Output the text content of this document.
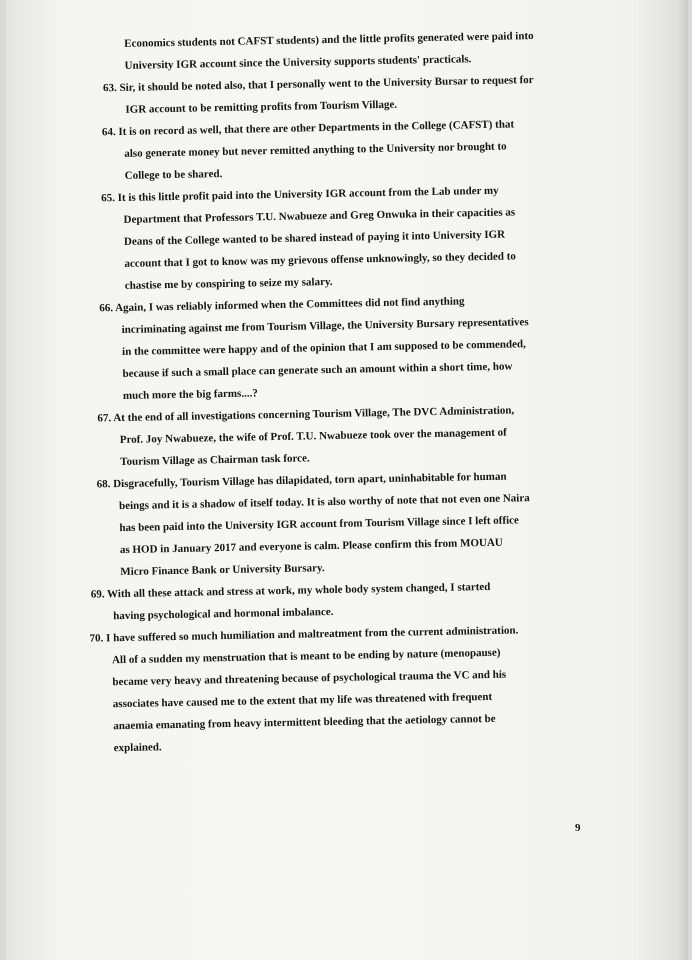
Economics students not CAFST students) and the little profits generated were paid into
University IGR account since the University supports students' practicals.
63. Sir, it should be noted also, that I personally went to the University Bursar to request for
IGR account to be remitting profits from Tourism Village.
64. It is on record as well, that there are other Departments in the College (CAFST) that
also generate money but never remitted anything to the University nor brought to
College to be shared.
65. It is this little profit paid into the University IGR account from the Lab under my
Department that Professors T.U. Nwabueze and Greg Onwuka in their capacities as
Deans of the College wanted to be shared instead of paying it into University IGR
account that I got to know was my grievous offense unknowingly, so they decided to
chastise me by conspiring to seize my salary.
66. Again, I was reliably informed when the Committees did not find anything
incriminating against me from Tourism Village, the University Bursary representatives
in the committee were happy and of the opinion that I am supposed to be commended,
because if such a small place can generate such an amount within a short time, how
much more the big farms....?
67. At the end of all investigations concerning Tourism Village, The DVC Administration,
Prof. Joy Nwabueze, the wife of Prof. T.U. Nwabueze took over the management of
Tourism Village as Chairman task force.
68. Disgracefully, Tourism Village has dilapidated, torn apart, uninhabitable for human
beings and it is a shadow of itself today. It is also worthy of note that not even one Naira
has been paid into the University IGR account from Tourism Village since I left office
as HOD in January 2017 and everyone is calm. Please confirm this from MOUAU
Micro Finance Bank or University Bursary.
69. With all these attack and stress at work, my whole body system changed, I started
having psychological and hormonal imbalance.
70. I have suffered so much humiliation and maltreatment from the current administration.
All of a sudden my menstruation that is meant to be ending by nature (menopause)
became very heavy and threatening because of psychological trauma the VC and his
associates have caused me to the extent that my life was threatened with frequent
anaemia emanating from heavy intermittent bleeding that the aetiology cannot be
explained.
9
